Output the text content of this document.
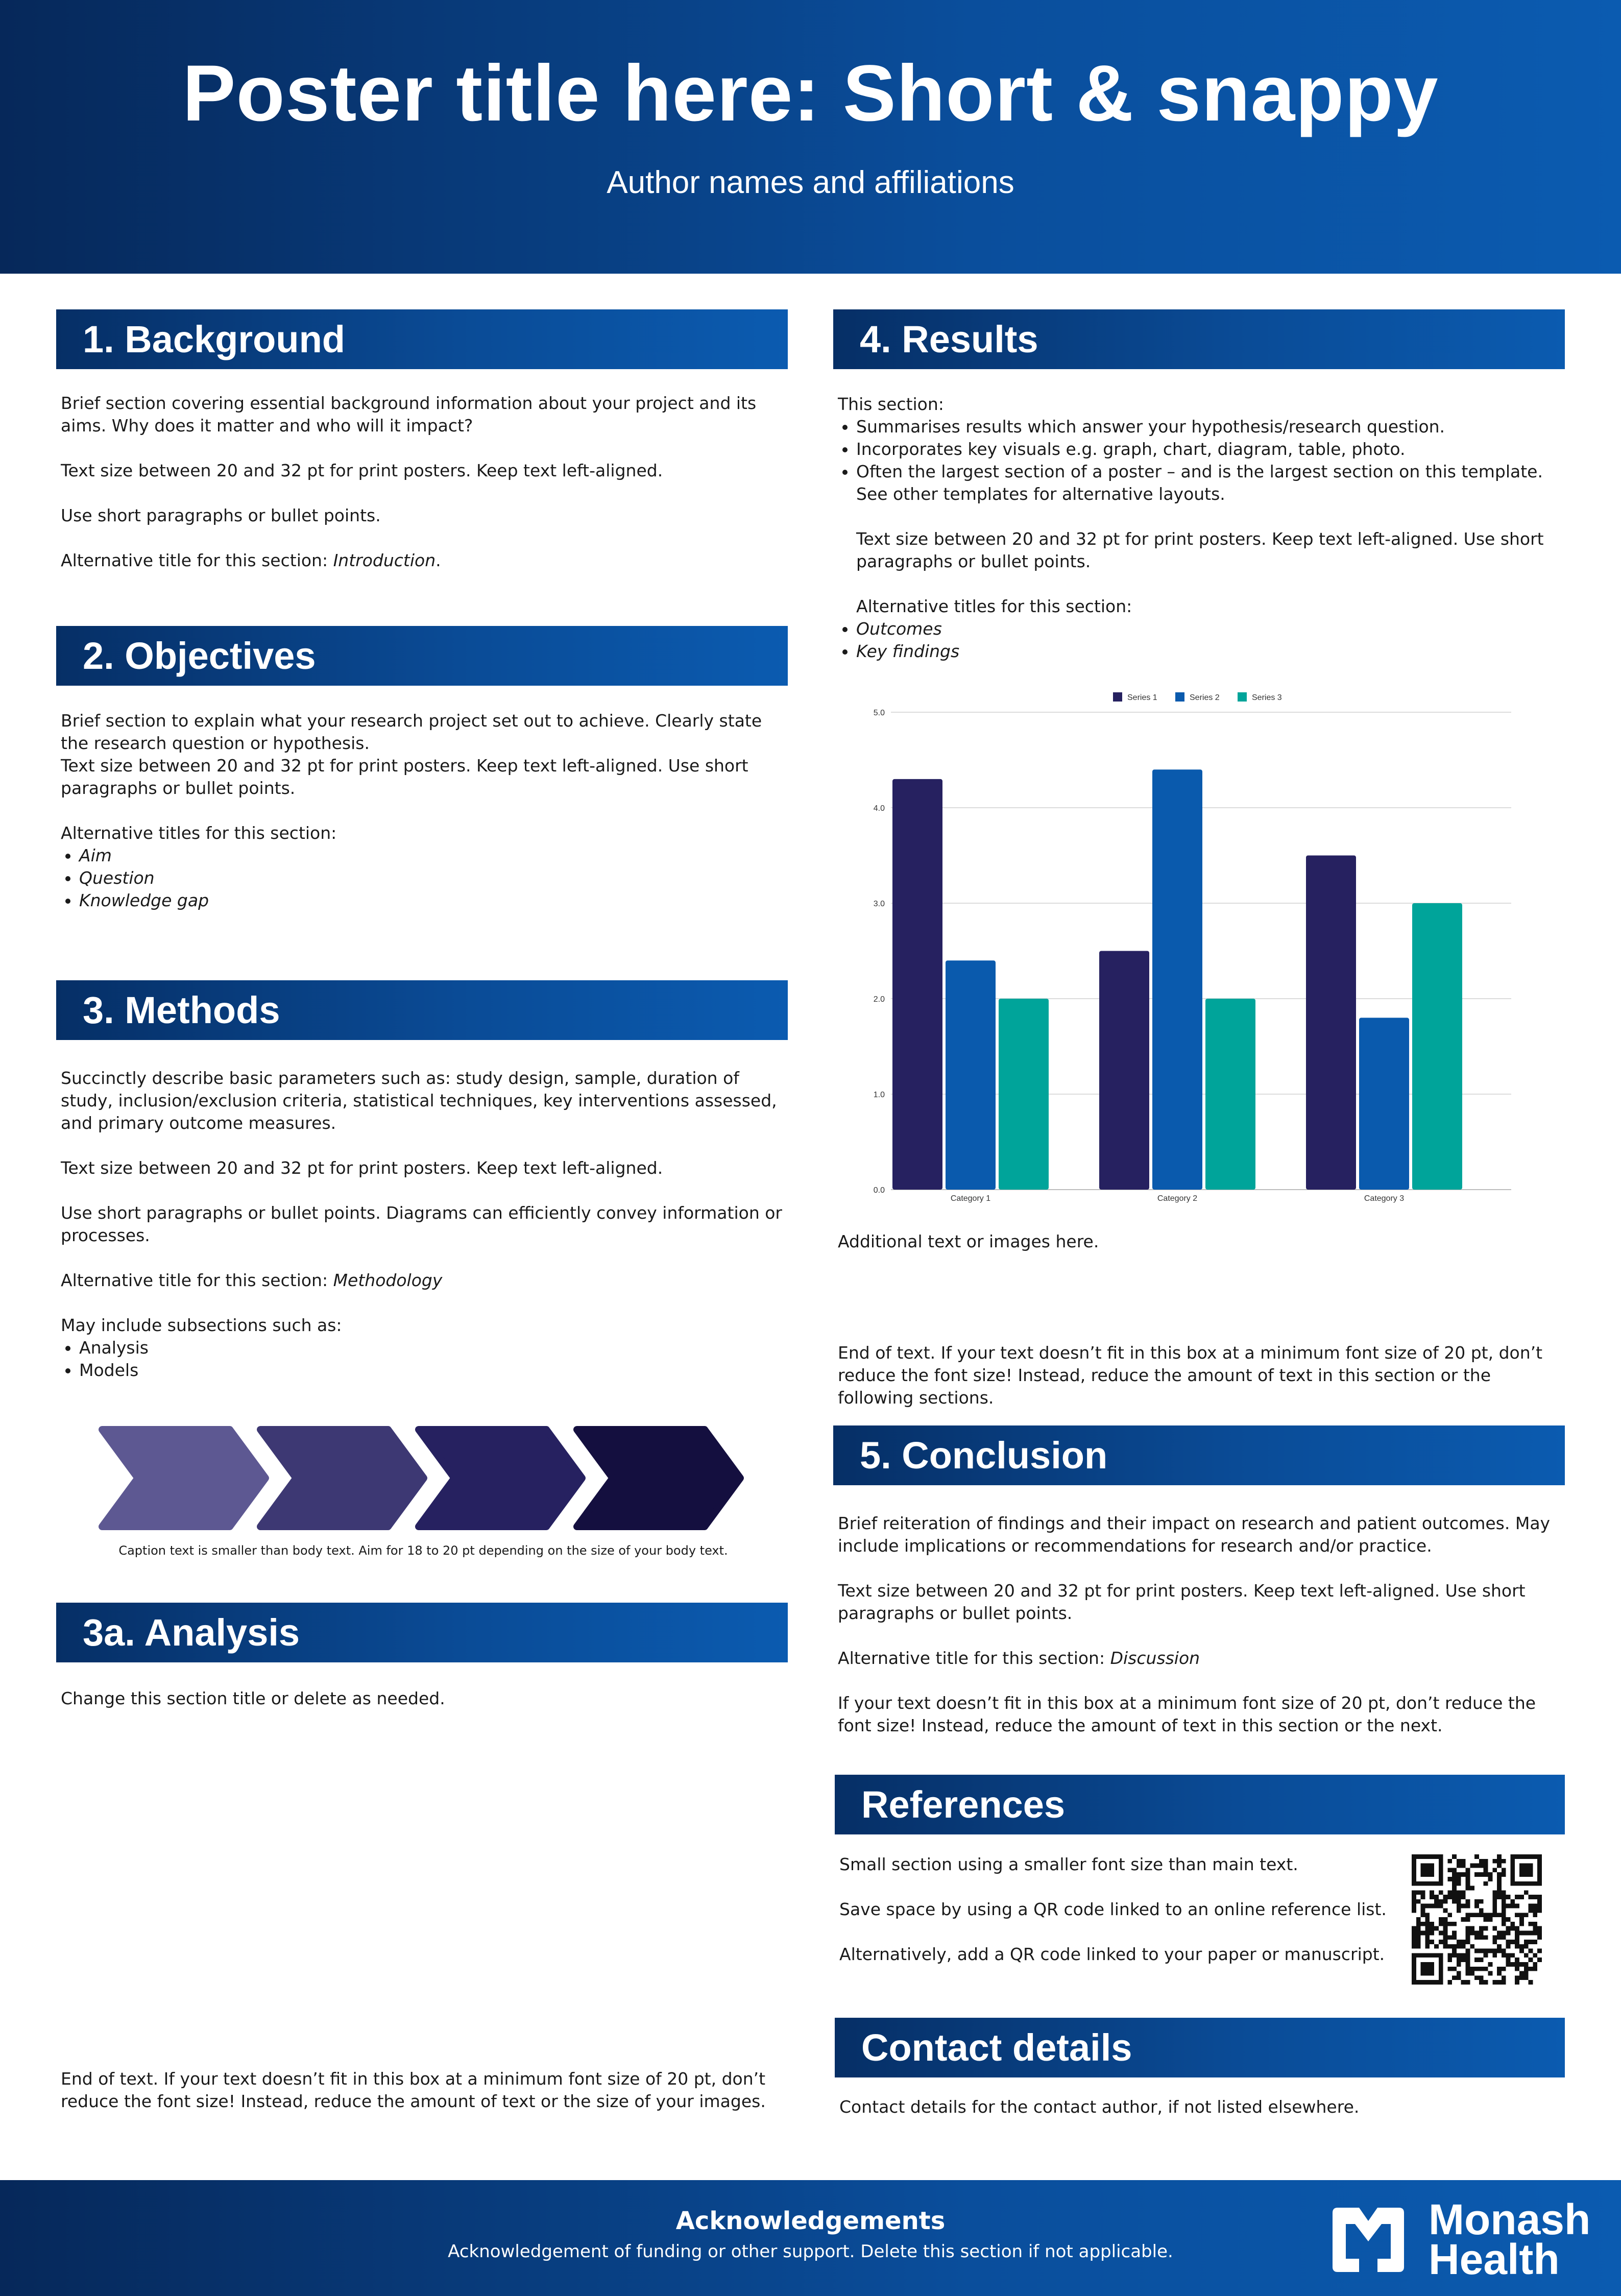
Poster title here: Short & snappy
Author names and affiliations
1. Background

Brief section covering essential background information about your project and its aims. Why does it matter and who will it impact?

Text size between 20 and 32 pt for print posters. Keep text left-aligned.

Use short paragraphs or bullet points.

Alternative title for this section: Introduction.

2. Objectives

Brief section to explain what your research project set out to achieve. Clearly state the research question or hypothesis.

Text size between 20 and 32 pt for print posters. Keep text left-aligned. Use short paragraphs or bullet points.

Alternative titles for this section:

• Aim
• Question
• Knowledge gap
3. Methods

Succinctly describe basic parameters such as: study design, sample, duration of study, inclusion/exclusion criteria, statistical techniques, key interventions assessed, and primary outcome measures.

Text size between 20 and 32 pt for print posters. Keep text left-aligned.

Use short paragraphs or bullet points. Diagrams can efficiently convey information or processes.

Alternative title for this section: Methodology

May include subsections such as:

• Analysis
• Models
Caption text is smaller than body text. Aim for 18 to 20 pt depending on the size of your body text.
3a. Analysis

Change this section title or delete as needed.

End of text. If your text doesn’t fit in this box at a minimum font size of 20 pt, don’t reduce the font size! Instead, reduce the amount of text or the size of your images.
4. Results

This section:

• Summarises results which answer your hypothesis/research question.
• Incorporates key visuals e.g. graph, chart, diagram, table, photo.
• Often the largest section of a poster – and is the largest section on this template. See other templates for alternative layouts.
Text size between 20 and 32 pt for print posters. Keep text left-aligned. Use short paragraphs or bullet points.
Alternative titles for this section:
• Outcomes
• Key findings
0.0
1.0
2.0
3.0
4.0
5.0
Category 1	Category 2	Category 3
Series 1	Series 2	Series 3
Additional text or images here.
End of text. If your text doesn’t fit in this box at a minimum font size of 20 pt, don’t reduce the font size! Instead, reduce the amount of text in this section or the following sections.
5. Conclusion

Brief reiteration of findings and their impact on research and patient outcomes. May include implications or recommendations for research and/or practice.

Text size between 20 and 32 pt for print posters. Keep text left-aligned. Use short paragraphs or bullet points.

Alternative title for this section: Discussion

If your text doesn’t fit in this box at a minimum font size of 20 pt, don’t reduce the font size! Instead, reduce the amount of text in this section or the next.

References

Small section using a smaller font size than main text.

Save space by using a QR code linked to an online reference list.

Alternatively, add a QR code linked to your paper or manuscript.

Contact details
Contact details for the contact author, if not listed elsewhere.
Acknowledgements
Acknowledgement of funding or other support. Delete this section if not applicable.
Monash
Health
